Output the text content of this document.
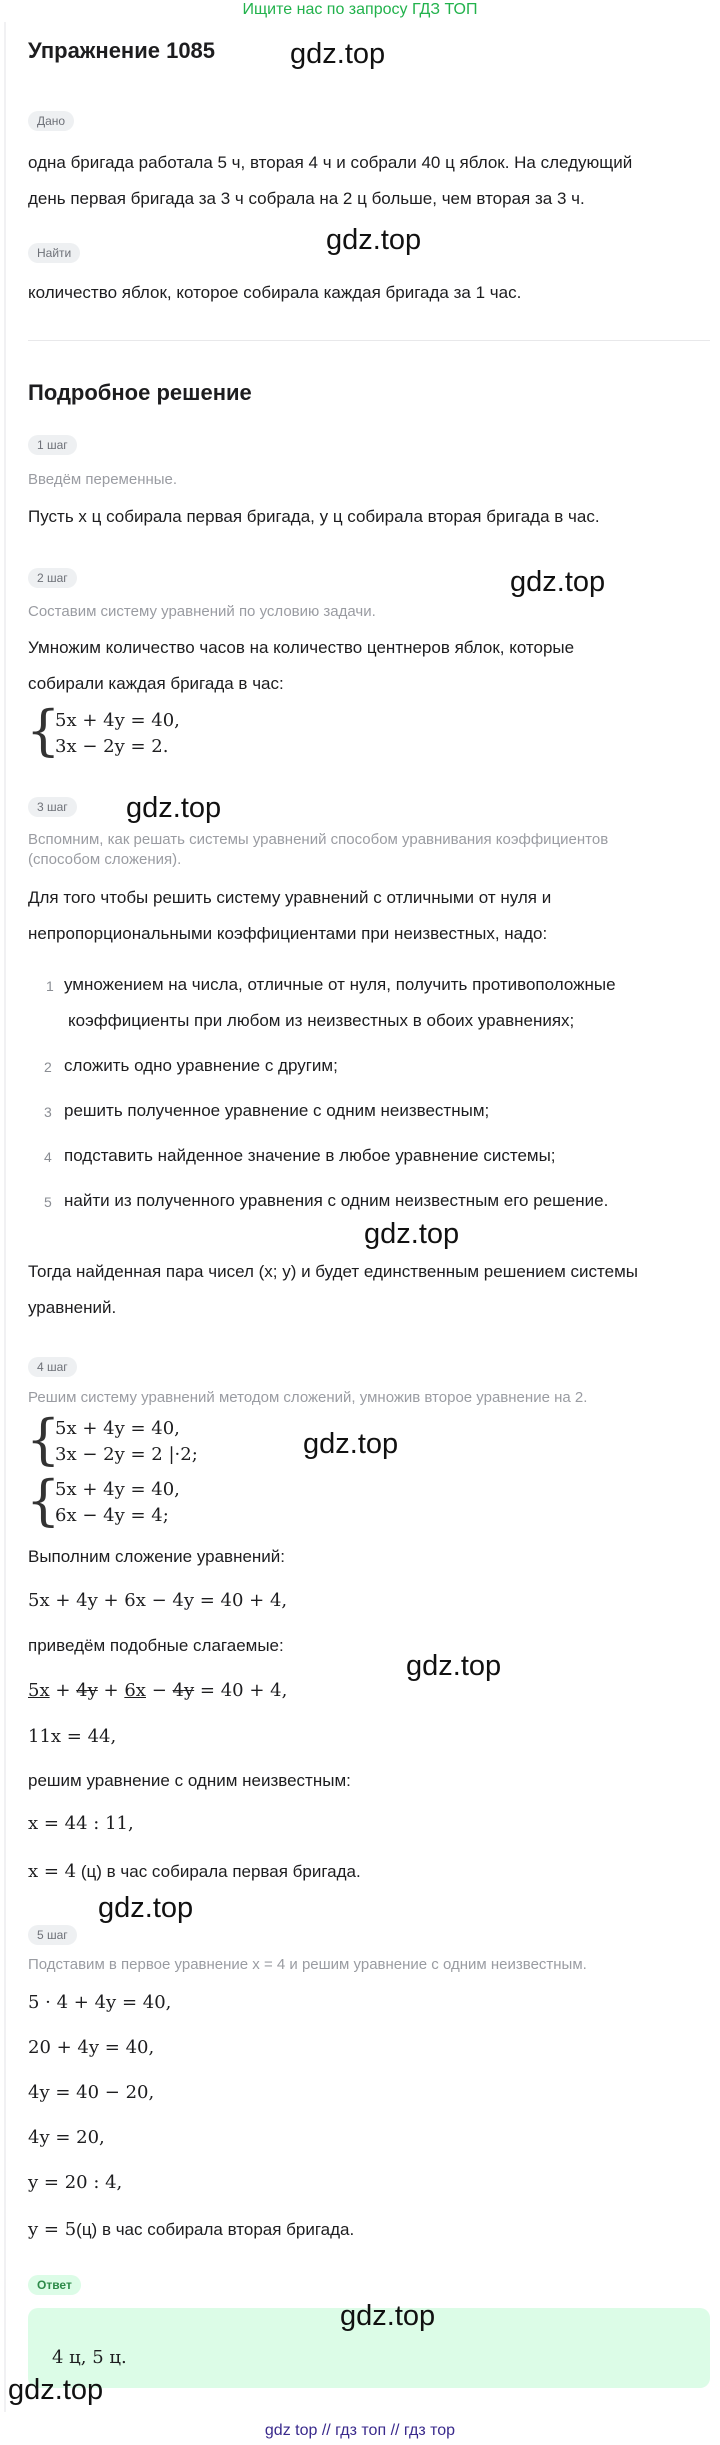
Ищите нас по запросу ГДЗ ТОП
Упражнение 1085	gdz.top
Дано
одна бригада работала 5 ч, вторая 4 ч и собрали 40 ц яблок. На следующий
день первая бригада за 3 ч собрала на 2 ц больше, чем вторая за 3 ч.
gdz.top
Найти
количество яблок, которое собирала каждая бригада за 1 час.
Подробное решение
1 шаг
Введём переменные.
Пусть x ц собирала первая бригада, y ц собирала вторая бригада в час.
2 шаг	gdz.top
Составим систему уравнений по условию задачи.
Умножим количество часов на количество центнеров яблок, которые
собирали каждая бригада в час:
{
5x + 4y = 40,
3x − 2y = 2.
3 шаг	gdz.top
Вспомним, как решать системы уравнений способом уравнивания коэффициентов
(способом сложения).
Для того чтобы решить систему уравнений с отличными от нуля и
непропорциональными коэффициентами при неизвестных, надо:
1 умножением на числа, отличные от нуля, получить противоположные
коэффициенты при любом из неизвестных в обоих уравнениях;
2 сложить одно уравнение с другим;
3 решить полученное уравнение с одним неизвестным;
4 подставить найденное значение в любое уравнение системы;
5 найти из полученного уравнения с одним неизвестным его решение.
gdz.top
Тогда найденная пара чисел (x; y) и будет единственным решением системы
уравнений.
4 шаг
Решим систему уравнений методом сложений, умножив второе уравнение на 2.
{
5x + 4y = 40,
3x − 2y = 2 |·2;	gdz.top
{
5x + 4y = 40,
6x − 4y = 4;
Выполним сложение уравнений:
5x + 4y + 6x − 4y = 40 + 4,
приведём подобные слагаемые:
gdz.top
5x + 4y + 6x − 4y = 40 + 4,
11x = 44,
решим уравнение с одним неизвестным:
x = 44 : 11,
x = 4 (ц) в час собирала первая бригада.
gdz.top
5 шаг
Подставим в первое уравнение x = 4 и решим уравнение с одним неизвестным.
5 · 4 + 4y = 40,
20 + 4y = 40,
4y = 40 − 20,
4y = 20,
y = 20 : 4,
y = 5(ц) в час собирала вторая бригада.
Ответ
gdz.top
4 ц, 5 ц.
gdz.top
gdz top // гдз топ // гдз тор
